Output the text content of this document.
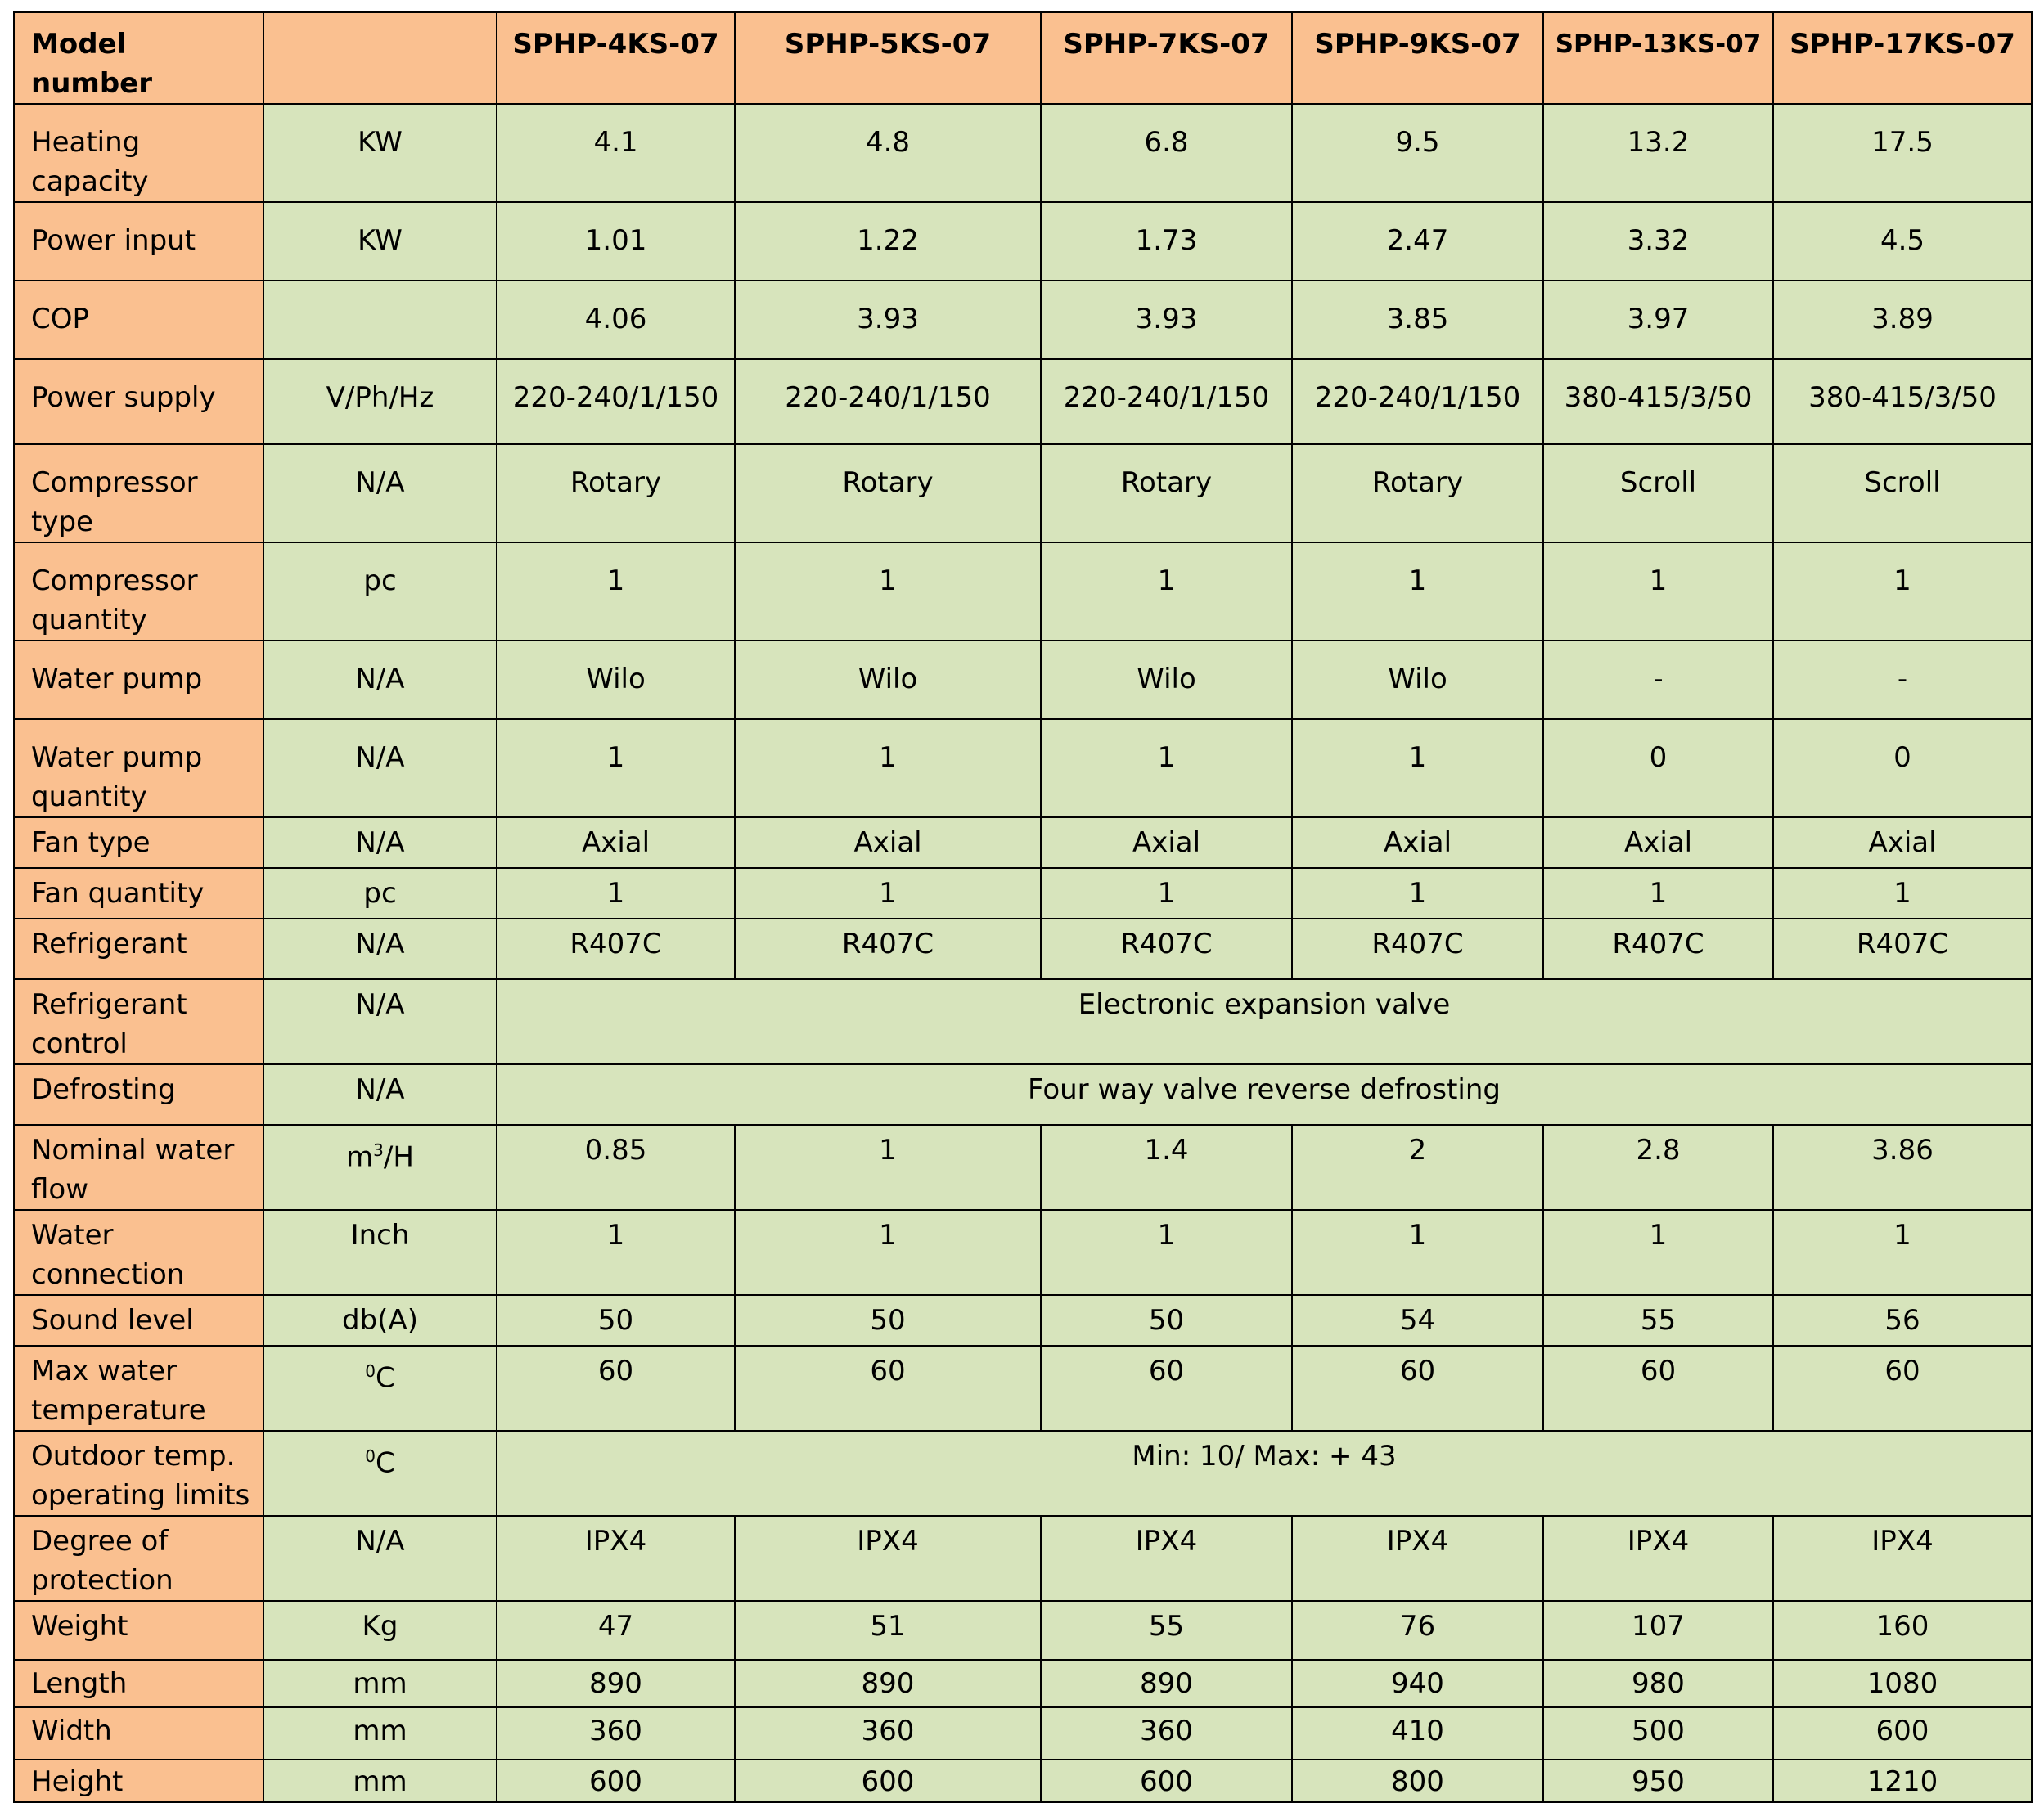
Model number		SPHP-4KS-07	SPHP-5KS-07	SPHP-7KS-07	SPHP-9KS-07	SPHP-13KS-07	SPHP-17KS-07
Heating capacity	KW	4.1	4.8	6.8	9.5	13.2	17.5
Power input	KW	1.01	1.22	1.73	2.47	3.32	4.5
COP		4.06	3.93	3.93	3.85	3.97	3.89
Power supply	V/Ph/Hz	220-240/1/150	220-240/1/150	220-240/1/150	220-240/1/150	380-415/3/50	380-415/3/50
Compressor type	N/A	Rotary	Rotary	Rotary	Rotary	Scroll	Scroll
Compressor quantity	pc	1	1	1	1	1	1
Water pump	N/A	Wilo	Wilo	Wilo	Wilo	-	-
Water pump quantity	N/A	1	1	1	1	0	0
Fan type	N/A	Axial	Axial	Axial	Axial	Axial	Axial
Fan quantity	pc	1	1	1	1	1	1
Refrigerant	N/A	R407C	R407C	R407C	R407C	R407C	R407C
Refrigerant control	N/A	Electronic expansion valve					
Defrosting	N/A	Four way valve reverse defrosting					
Nominal water flow	$m^3/H$	0.85	1	1.4	2	2.8	3.86
Water connection	Inch	1	1	1	1	1	1
Sound level	db(A)	50	50	50	54	55	56
Max water temperature	$^0$C	60	60	60	60	60	60
Outdoor temp. operating limits	$^0$C	Min: 10/ Max: + 43					
Degree of protection	N/A	IPX4	IPX4	IPX4	IPX4	IPX4	IPX4
Weight	Kg	47	51	55	76	107	160
Length	mm	890	890	890	940	980	1080
Width	mm	360	360	360	410	500	600
Height	mm	600	600	600	800	950	1210
